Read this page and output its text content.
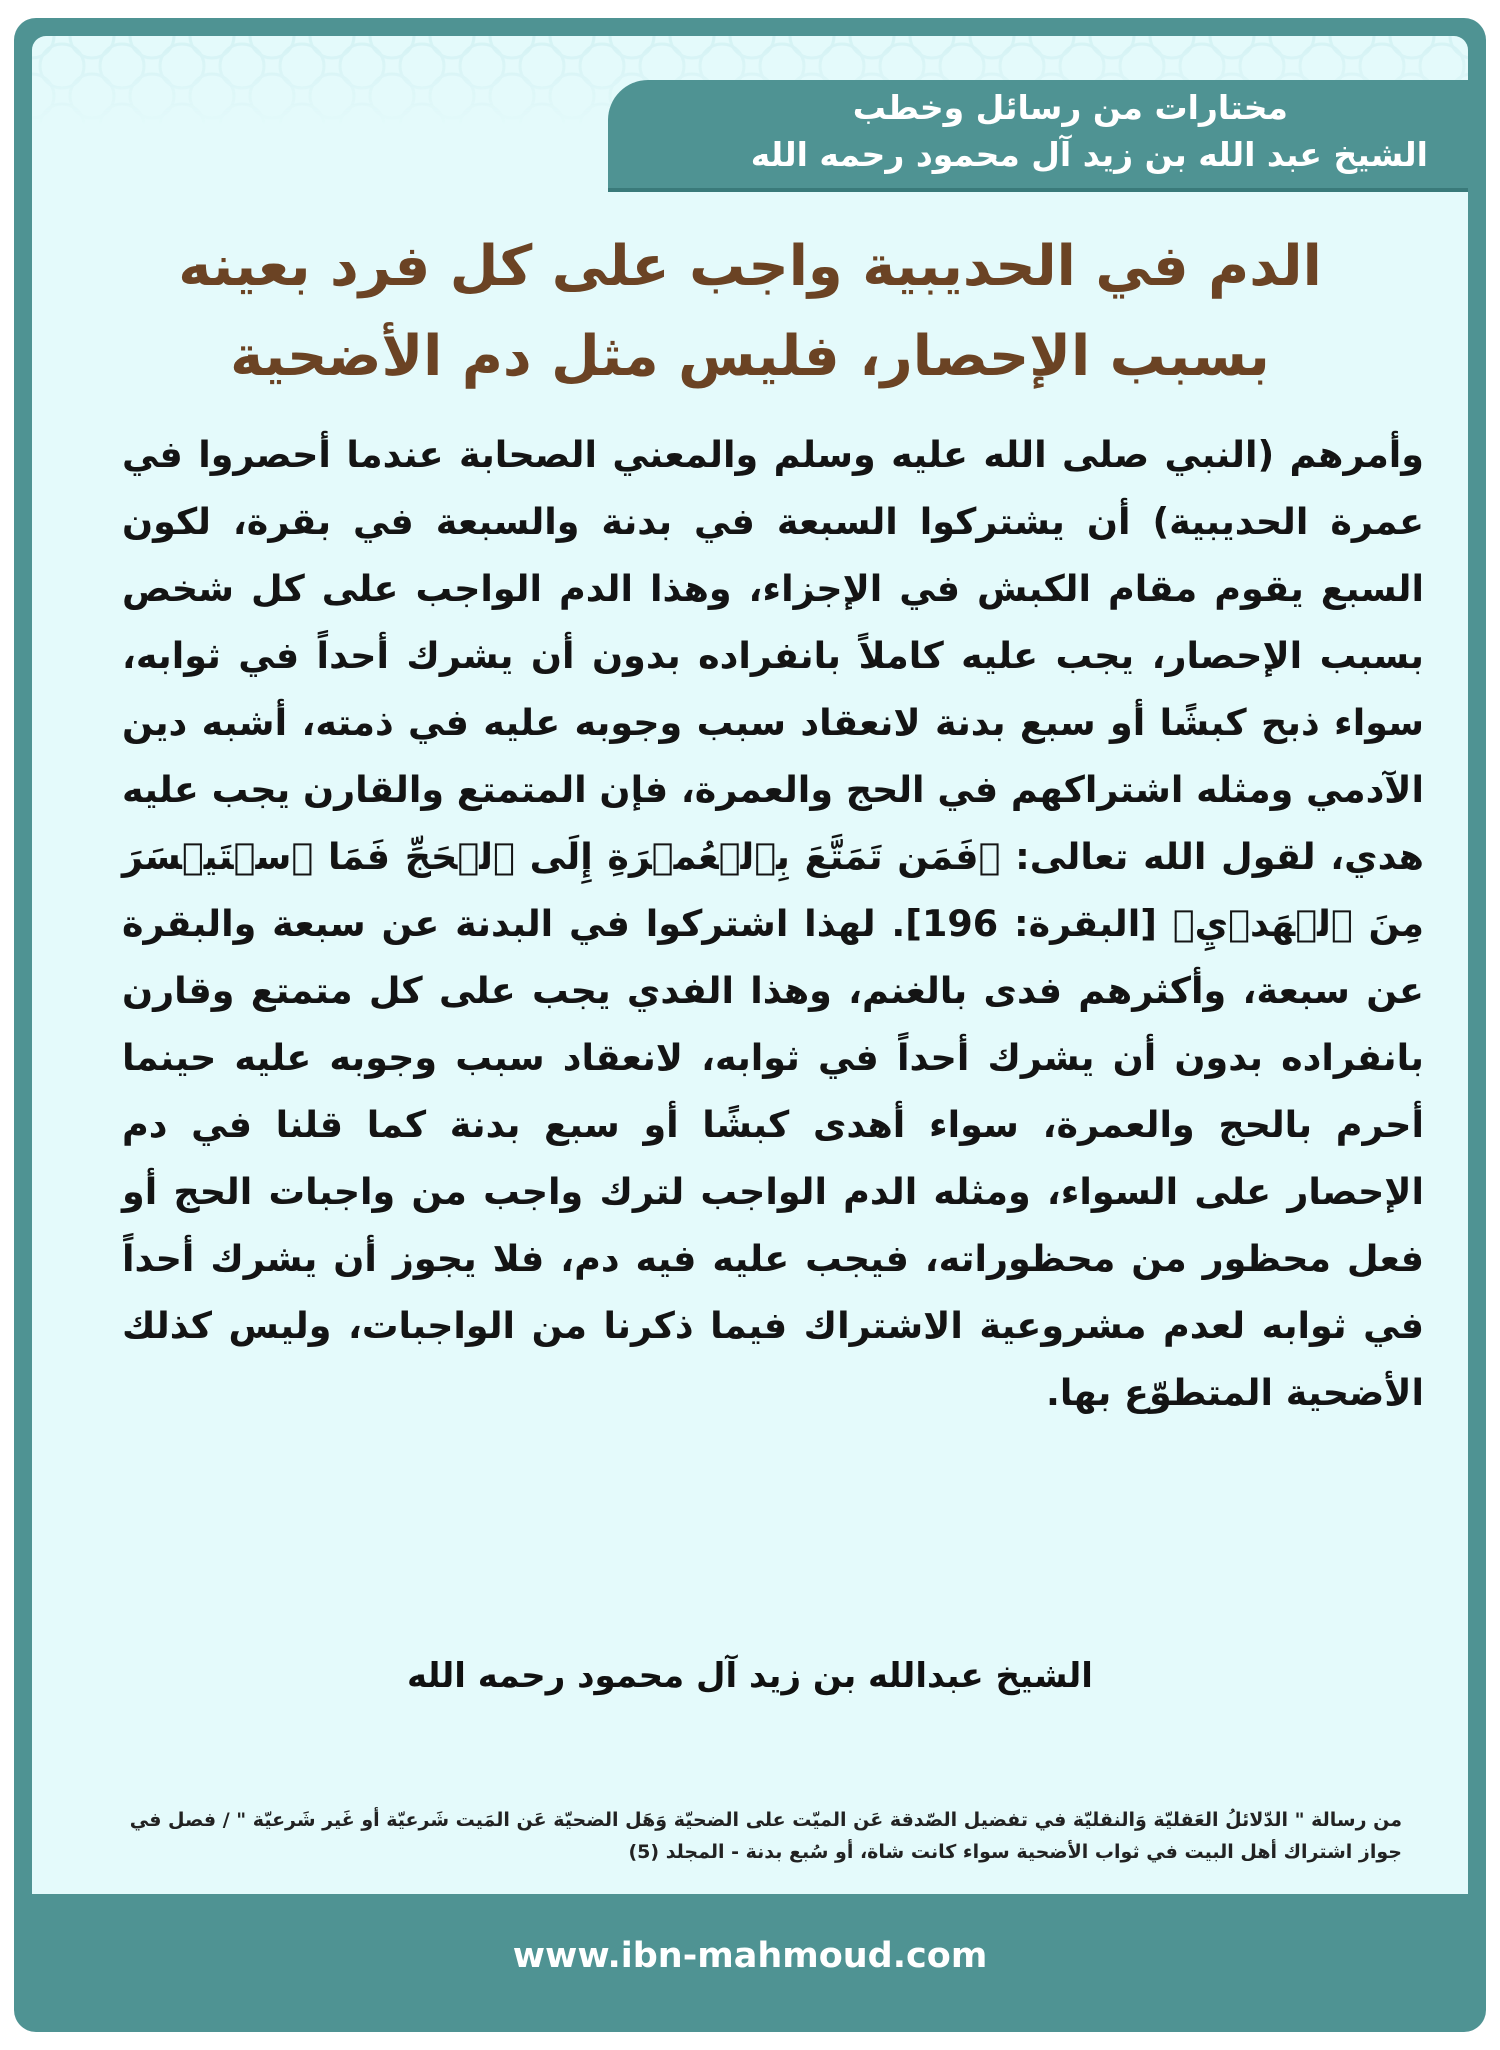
مختارات من رسائل وخطب
الشيخ عبد الله بن زيد آل محمود رحمه الله
الدم في الحديبية واجب على كل فرد بعينه بسبب الإحصار، فليس مثل دم الأضحية
وأمرهم (النبي صلى الله عليه وسلم والمعني الصحابة عندما أحصروا في عمرة الحديبية) أن يشتركوا السبعة في بدنة والسبعة في بقرة، لكون السبع يقوم مقام الكبش في الإجزاء، وهذا الدم الواجب على كل شخص بسبب الإحصار، يجب عليه كاملاً بانفراده بدون أن يشرك أحداً في ثوابه، سواء ذبح كبشًا أو سبع بدنة لانعقاد سبب وجوبه عليه في ذمته، أشبه دين الآدمي ومثله اشتراكهم في الحج والعمرة، فإن المتمتع والقارن يجب عليه هدي، لقول الله تعالى: ﴿فَمَن تَمَتَّعَ بِٱلۡعُمۡرَةِ إِلَى ٱلۡحَجِّ فَمَا ٱسۡتَيۡسَرَ مِنَ ٱلۡهَدۡيِ﴾ [البقرة: 196]. لهذا اشتركوا في البدنة عن سبعة والبقرة عن سبعة، وأكثرهم فدى بالغنم، وهذا الفدي يجب على كل متمتع وقارن بانفراده بدون أن يشرك أحداً في ثوابه، لانعقاد سبب وجوبه عليه حينما أحرم بالحج والعمرة، سواء أهدى كبشًا أو سبع بدنة كما قلنا في دم الإحصار على السواء، ومثله الدم الواجب لترك واجب من واجبات الحج أو فعل محظور من محظوراته، فيجب عليه فيه دم، فلا يجوز أن يشرك أحداً في ثوابه لعدم مشروعية الاشتراك فيما ذكرنا من الواجبات، وليس كذلك الأضحية المتطوّع بها.
الشيخ عبدالله بن زيد آل محمود رحمه الله
من رسالة " الدّلائلُ العَقليّة وَالنقليّة في تفضيل الصّدقة عَن الميّت على الضحيّة وَهَل الضحيّة عَن المَيت شَرعيّة أو غَير شَرعيّة " / فصل في جواز اشتراك أهل البيت في ثواب الأضحية سواء كانت شاة، أو سُبع بدنة - المجلد (5)
www.ibn-mahmoud.com
